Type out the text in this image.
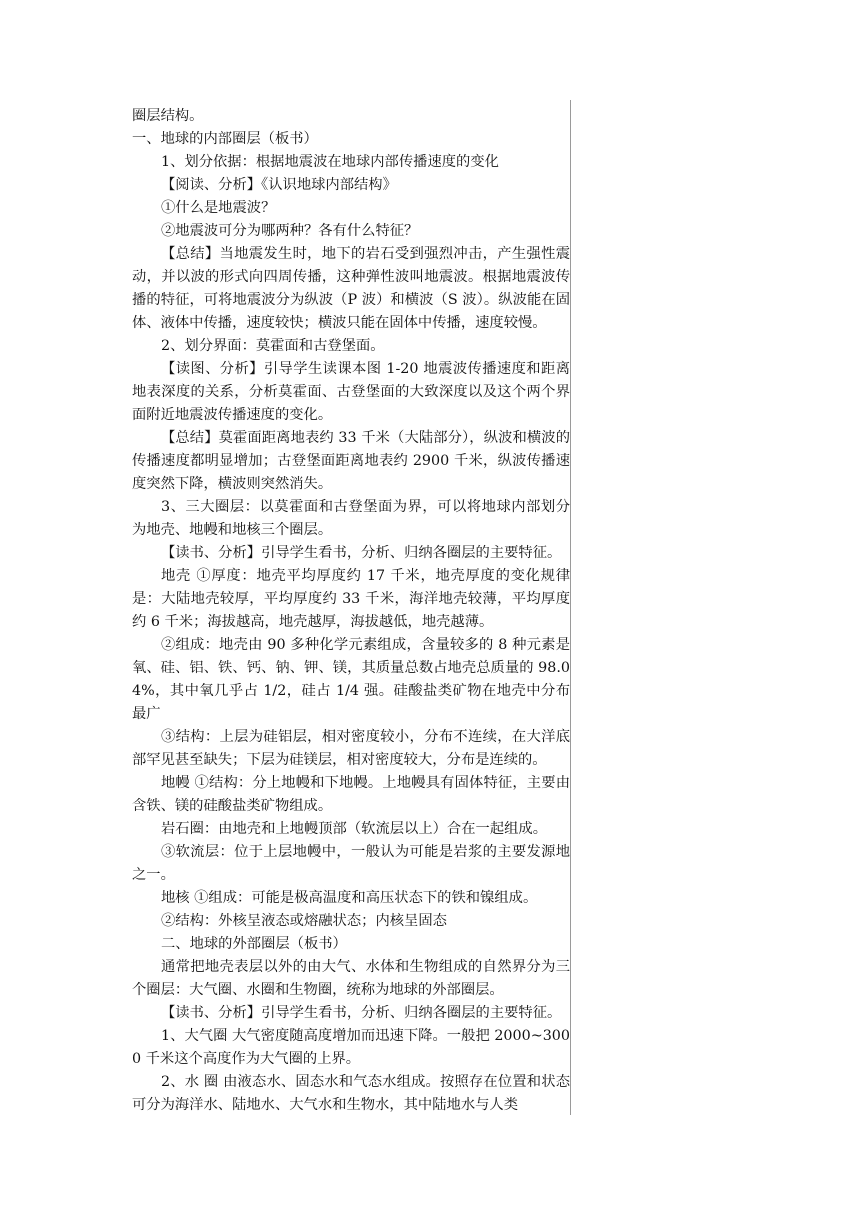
圈层结构。

一、地球的内部圈层（板书）

1、划分依据：根据地震波在地球内部传播速度的变化

【阅读、分析】《认识地球内部结构》

①什么是地震波？

②地震波可分为哪两种？各有什么特征？

【总结】当地震发生时，地下的岩石受到强烈冲击，产生强性震动，并以波的形式向四周传播，这种弹性波叫地震波。根据地震波传播的特征，可将地震波分为纵波（P 波）和横波（S 波）。纵波能在固体、液体中传播，速度较快；横波只能在固体中传播，速度较慢。

2、划分界面：莫霍面和古登堡面。

【读图、分析】引导学生读课本图 1-20 地震波传播速度和距离地表深度的关系，分析莫霍面、古登堡面的大致深度以及这个两个界面附近地震波传播速度的变化。

【总结】莫霍面距离地表约 33 千米（大陆部分），纵波和横波的传播速度都明显增加；古登堡面距离地表约 2900 千米，纵波传播速度突然下降，横波则突然消失。

3、三大圈层：以莫霍面和古登堡面为界，可以将地球内部划分为地壳、地幔和地核三个圈层。

【读书、分析】引导学生看书，分析、归纳各圈层的主要特征。

地壳 ①厚度：地壳平均厚度约 17 千米，地壳厚度的变化规律是：大陆地壳较厚，平均厚度约 33 千米，海洋地壳较薄，平均厚度约 6 千米；海拔越高，地壳越厚，海拔越低，地壳越薄。

②组成：地壳由 90 多种化学元素组成，含量较多的 8 种元素是氧、硅、铝、铁、钙、钠、钾、镁，其质量总数占地壳总质量的 98.04%，其中氧几乎占 1/2，硅占 1/4 强。硅酸盐类矿物在地壳中分布最广

③结构：上层为硅铝层，相对密度较小，分布不连续，在大洋底部罕见甚至缺失；下层为硅镁层，相对密度较大，分布是连续的。

地幔 ①结构：分上地幔和下地幔。上地幔具有固体特征，主要由含铁、镁的硅酸盐类矿物组成。

岩石圈：由地壳和上地幔顶部（软流层以上）合在一起组成。

③软流层：位于上层地幔中，一般认为可能是岩浆的主要发源地之一。

地核 ①组成：可能是极高温度和高压状态下的铁和镍组成。

②结构：外核呈液态或熔融状态；内核呈固态

二、地球的外部圈层（板书）

通常把地壳表层以外的由大气、水体和生物组成的自然界分为三个圈层：大气圈、水圈和生物圈，统称为地球的外部圈层。

【读书、分析】引导学生看书，分析、归纳各圈层的主要特征。

1、大气圈 大气密度随高度增加而迅速下降。一般把 2000~3000 千米这个高度作为大气圈的上界。

2、水 圈 由液态水、固态水和气态水组成。按照存在位置和状态可分为海洋水、陆地水、大气水和生物水，其中陆地水与人类
